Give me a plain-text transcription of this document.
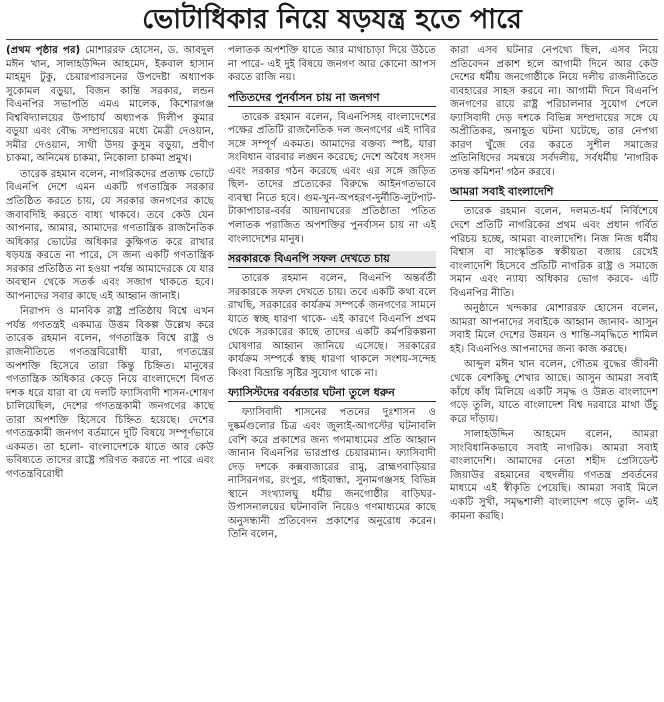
ভোটাধিকার নিয়ে ষড়যন্ত্র হতে পারে

(প্রথম পৃষ্ঠার পর) মোশাররফ হোসেন, ড. আবদুল মঈন খান, সালাহউদ্দিন আহমেদ, ইকবাল হাসান মাহমুদ টুকু, চেয়ারপারসনের উপদেষ্টা অধ্যাপক সুকোমল বড়ুয়া, বিজন কান্তি সরকার, লন্ডন বিএনপির সভাপতি এমএ মালেক, কিশোরগঞ্জ বিশ্ববিদ্যালয়ের উপাচার্য অধ্যাপক দিলীপ কুমার বড়ুয়া এবং বৌদ্ধ সম্প্রদায়ের মধ্যে মৈত্রী দেওয়ান, সমীর দেওয়ান, সাথী উদয় কুসুম বড়ুয়া, প্রবীণ চাকমা, অনিমেষ চাকমা, নিকোলা চাকমা প্রমুখ।

তারেক রহমান বলেন, নাগরিকদের প্রত্যক্ষ ভোটে বিএনপি দেশে এমন একটি গণতান্ত্রিক সরকার প্রতিষ্ঠিত করতে চায়, যে সরকার জনগণের কাছে জবাবদিহি করতে বাধ্য থাকবে। তবে কেউ যেন আপনার, আমার, আমাদের গণতান্ত্রিক রাজনৈতিক অধিকার ভোটের অধিকার কুক্ষিগত করে রাখার ষড়যন্ত্র করতে না পারে, সে জন্য একটি গণতান্ত্রিক সরকার প্রতিষ্ঠিত না হওয়া পর্যন্ত আমাদেরকে যে যার অবস্থান থেকে সতর্ক এবং সজাগ থাকতে হবে। আপনাদের সবার কাছে এই আহ্বান জানাই।

নিরাপদ ও মানবিক রাষ্ট্র প্রতিষ্ঠায় বিশ্বে এখন পর্যন্ত গণতন্ত্রই একমাত্র উত্তম বিকল্প উল্লেখ করে তারেক রহমান বলেন, গণতান্ত্রিক বিশ্বে রাষ্ট্র ও রাজনীতিতে গণতন্ত্রবিরোধী যারা, গণতন্ত্রের অপশক্তি হিসেবে তারা কিন্তু চিহ্নিত। মানুষের গণতান্ত্রিক অধিকার কেড়ে নিয়ে বাংলাদেশে বিগত দশক ধরে যারা বা যে দলটি ফ্যাসিবাদী শাসন-শোষণ চালিয়েছিল, দেশের গণতন্ত্রকামী জনগণের কাছে তারা অপশক্তি হিসেবে চিহ্নিত হয়েছে। দেশের গণতন্ত্রকামী জনগণ বর্তমানে দুটি বিষয়ে সম্পূর্ণভাবে একমত। তা হলো- বাংলাদেশকে যাতে আর কেউ ভবিষ্যতে তাদের রাষ্ট্রে পরিণত করতে না পারে এবং গণতন্ত্রবিরোধী

পলাতক অপশক্তি যাতে আর মাথাচাড়া দিয়ে উঠতে না পারে- এই দুই বিষয়ে জনগণ আর কোনো আপস করতে রাজি নয়।

পতিতদের পুনর্বাসন চায় না জনগণ

তারেক রহমান বলেন, বিএনপিসহ বাংলাদেশের পক্ষের প্রতিটি রাজনৈতিক দল জনগণের এই দাবির সঙ্গে সম্পূর্ণ একমত। আমাদের বক্তব্য স্পষ্ট, যারা সংবিধান বারবার লঙ্ঘন করেছে; দেশে অবৈধ সংসদ এবং সরকার গঠন করেছে এবং এর সঙ্গে জড়িত ছিল- তাদের প্রত্যেকের বিরুদ্ধে আইনগতভাবে ব্যবস্থা নিতে হবে। গুম-খুন-অপহরণ-দুর্নীতি-লুটপাট-টাকাপাচার-বর্বর আয়নাঘরের প্রতিষ্ঠাতা পতিত পলাতক পরাজিত অপশক্তির পুনর্বাসন চায় না এই বাংলাদেশের মানুষ।

সরকারকে বিএনপি সফল দেখতে চায়

তারেক রহমান বলেন, বিএনপি অন্তর্বর্তী সরকারকে সফল দেখতে চায়। তবে একটি কথা বলে রাখছি, সরকারের কার্যক্রম সম্পর্কে জনগণের সামনে যাতে স্বচ্ছ ধারণা থাকে- এই কারণে বিএনপি প্রথম থেকে সরকারের কাছে তাদের একটি কর্মপরিকল্পনা ঘোষণার আহ্বান জানিয়ে এসেছে। সরকারের কার্যক্রম সম্পর্কে স্বচ্ছ ধারণা থাকলে সংশয়-সন্দেহ কিংবা বিভ্রান্তি সৃষ্টির সুযোগ থাকে না।

ফ্যাসিস্টদের বর্বরতার ঘটনা তুলে ধরুন

ফ্যাসিবাদী শাসনের পতনের দুঃশাসন ও দুষ্কর্মগুলোর চিত্র এবং জুলাই-আগস্টের ঘটনাবলি বেশি করে প্রকাশের জন্য গণমাধ্যমের প্রতি আহ্বান জানান বিএনপির ভারপ্রাপ্ত চেয়ারম্যান। ফ্যাসিবাদী দেড় দশকে কক্সবাজারের রামু, ব্রাহ্মণবাড়িয়ার নাসিরনগর, রংপুর, গাইবান্ধা, সুনামগঞ্জসহ বিভিন্ন স্থানে সংখ্যালঘু ধর্মীয় জনগোষ্ঠীর বাড়িঘর-উপাসনালয়ের ঘটনাবলি নিয়েও গণমাধ্যমের কাছে অনুসন্ধানী প্রতিবেদন প্রকাশের অনুরোধ করেন। তিনি বলেন,

কারা এসব ঘটনার নেপথ্যে ছিল, এসব নিয়ে প্রতিবেদন প্রকাশ হলে আগামী দিনে আর কেউ দেশের ধর্মীয় জনগোষ্ঠীকে নিয়ে দলীয় রাজনীতিতে ব্যবহারের সাহস করবে না। আগামী দিনে বিএনপি জনগণের রায়ে রাষ্ট্র পরিচালনার সুযোগ পেলে ফ্যাসিবাদী দেড় দশকে বিভিন্ন সম্প্রদায়ের সঙ্গে যে অপ্রীতিকর, অনাহূত ঘটনা ঘটেছে, তার নেপথ্য কারণ খুঁজে বের করতে সুশীল সমাজের প্রতিনিধিদের সমন্বয়ে সর্বদলীয়, সর্বধর্মীয় 'নাগরিক তদন্ত কমিশন' গঠন করবে।

আমরা সবাই বাংলাদেশি

তারেক রহমান বলেন, দলমত-ধর্ম নির্বিশেষে দেশে প্রতিটি নাগরিকের প্রথম এবং প্রধান গর্বিত পরিচয় হচ্ছে, আমরা বাংলাদেশি। নিজ নিজ ধর্মীয় বিশ্বাস বা সাংস্কৃতিক স্বকীয়তা বজায় রেখেই বাংলাদেশি হিসেবে প্রতিটি নাগরিক রাষ্ট্র ও সমাজে সমান এবং ন্যায্য অধিকার ভোগ করবে- এটি বিএনপির নীতি।

অনুষ্ঠানে খন্দকার মোশাররফ হোসেন বলেন, আমরা আপনাদের সবাইকে আহ্বান জানাব- আসুন সবাই মিলে দেশের উন্নয়ন ও শান্তি-সমৃদ্ধিতে শামিল হই। বিএনপিও আপনাদের জন্য কাজ করছে।

আব্দুল মঈন খান বলেন, গৌতম বুদ্ধের জীবনী থেকে বেশকিছু শেখার আছে। আসুন আমরা সবাই কাঁধে কাঁধ মিলিয়ে একটি সমৃদ্ধ ও উন্নত বাংলাদেশ গড়ে তুলি, যাতে বাংলাদেশ বিশ্ব দরবারে মাথা উঁচু করে দাঁড়ায়।

সালাহউদ্দিন আহমেদ বলেন, আমরা সাংবিধানিকভাবে সবাই নাগরিক। আমরা সবাই বাংলাদেশি। আমাদের নেতা শহীদ প্রেসিডেন্ট জিয়াউর রহমানের বহুদলীয় গণতন্ত্র প্রবর্তনের মাধ্যমে এই স্বীকৃতি পেয়েছি। আমরা সবাই মিলে একটি সুখী, সমৃদ্ধশালী বাংলাদেশ গড়ে তুলি- এই কামনা করছি।
